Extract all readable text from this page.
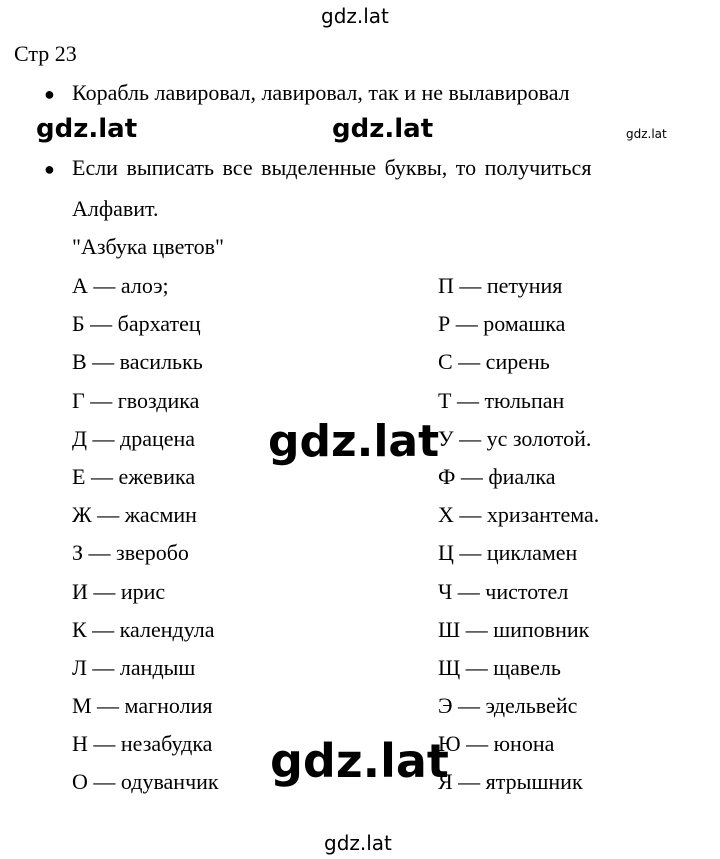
gdz.lat
Стр 23
● Корабль лавировал, лавировал, так и не вылавировал
gdz.lat	gdz.lat	gdz.lat
● Если выписать все выделенные буквы, то получиться
Алфавит.
"Азбука цветов"
А — алоэ;
Б — бархатец
В — василькь
Г — гвоздика
Д — драцена
Е — ежевика
Ж — жасмин
З — зверобо
И — ирис
К — календула
Л — ландыш
М — магнолия
Н — незабудка
О — одуванчик
П — петуния
Р — ромашка
С — сирень
Т — тюльпан
У — ус золотой.
Ф — фиалка
Х — хризантема.
Ц — цикламен
Ч — чистотел
Ш — шиповник
Щ — щавель
Э — эдельвейс
Ю — юнона
Я — ятрышник
gdz.lat
gdz.lat
gdz.lat
